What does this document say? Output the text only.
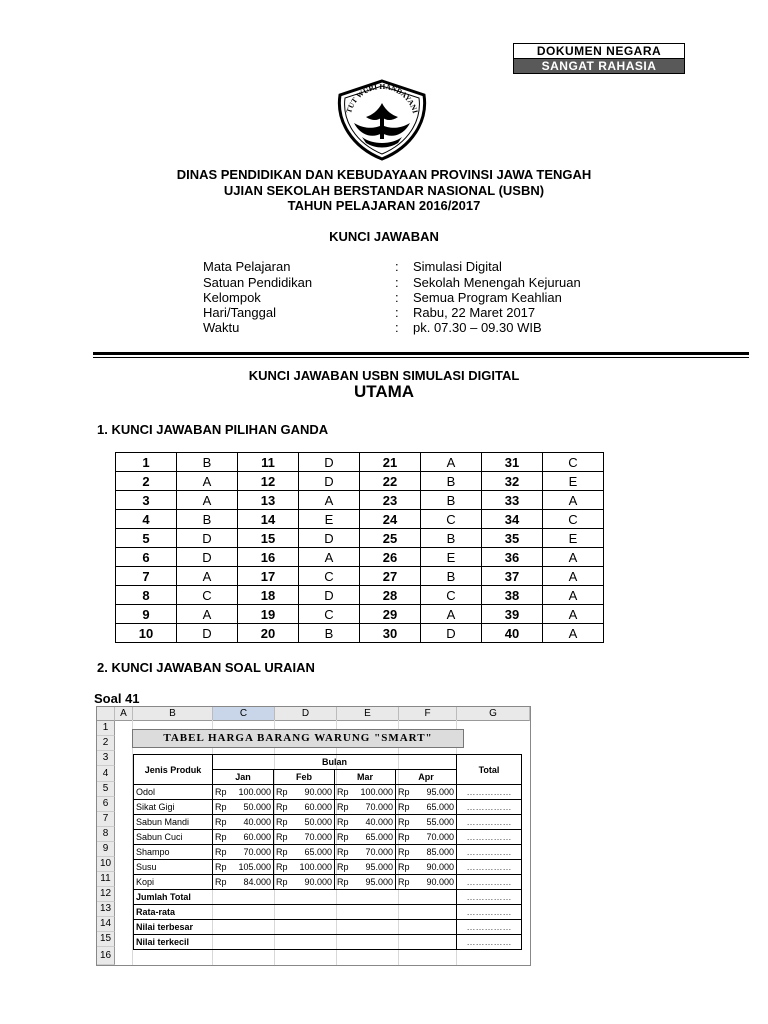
DOKUMEN NEGARA
SANGAT RAHASIA
TUT WURI HANDAYANI
DINAS PENDIDIKAN DAN KEBUDAYAAN PROVINSI JAWA TENGAH
UJIAN SEKOLAH BERSTANDAR NASIONAL (USBN)
TAHUN PELAJARAN 2016/2017
KUNCI JAWABAN
Mata Pelajaran	: Simulasi Digital
Satuan Pendidikan	: Sekolah Menengah Kejuruan
Kelompok	: Semua Program Keahlian
Hari/Tanggal	: Rabu, 22 Maret 2017
Waktu	: pk. 07.30 – 09.30 WIB
KUNCI JAWABAN USBN SIMULASI DIGITAL
UTAMA
1. KUNCI JAWABAN PILIHAN GANDA
1	B	11	D	21	A	31	C
2	A	12	D	22	B	32	E
3	A	13	A	23	B	33	A
4	B	14	E	24	C	34	C
5	D	15	D	25	B	35	E
6	D	16	A	26	E	36	A
7	A	17	C	27	B	37	A
8	C	18	D	28	C	38	A
9	A	19	C	29	A	39	A
10	D	20	B	30	D	40	A
2. KUNCI JAWABAN SOAL URAIAN
Soal 41
A	B	C	D	E	F	G
1
2
3
4
5
6
7
8
9
10
11
12
13
14
15
16
TABEL HARGA BARANG WARUNG "SMART"
Jenis Produk	Bulan				Total
	Jan	Feb	Mar	Apr	
Odol	Rp 100.000	Rp 90.000	Rp 100.000	Rp 95.000	……………
Sikat Gigi	Rp 50.000	Rp 60.000	Rp 70.000	Rp 65.000	……………
Sabun Mandi	Rp 40.000	Rp 50.000	Rp 40.000	Rp 55.000	……………
Sabun Cuci	Rp 60.000	Rp 70.000	Rp 65.000	Rp 70.000	……………
Shampo	Rp 70.000	Rp 65.000	Rp 70.000	Rp 85.000	……………
Susu	Rp 105.000	Rp 100.000	Rp 95.000	Rp 90.000	……………
Kopi	Rp 84.000	Rp 90.000	Rp 95.000	Rp 90.000	……………
Jumlah Total					……………
Rata-rata					……………
Nilai terbesar					……………
Nilai terkecil					……………
